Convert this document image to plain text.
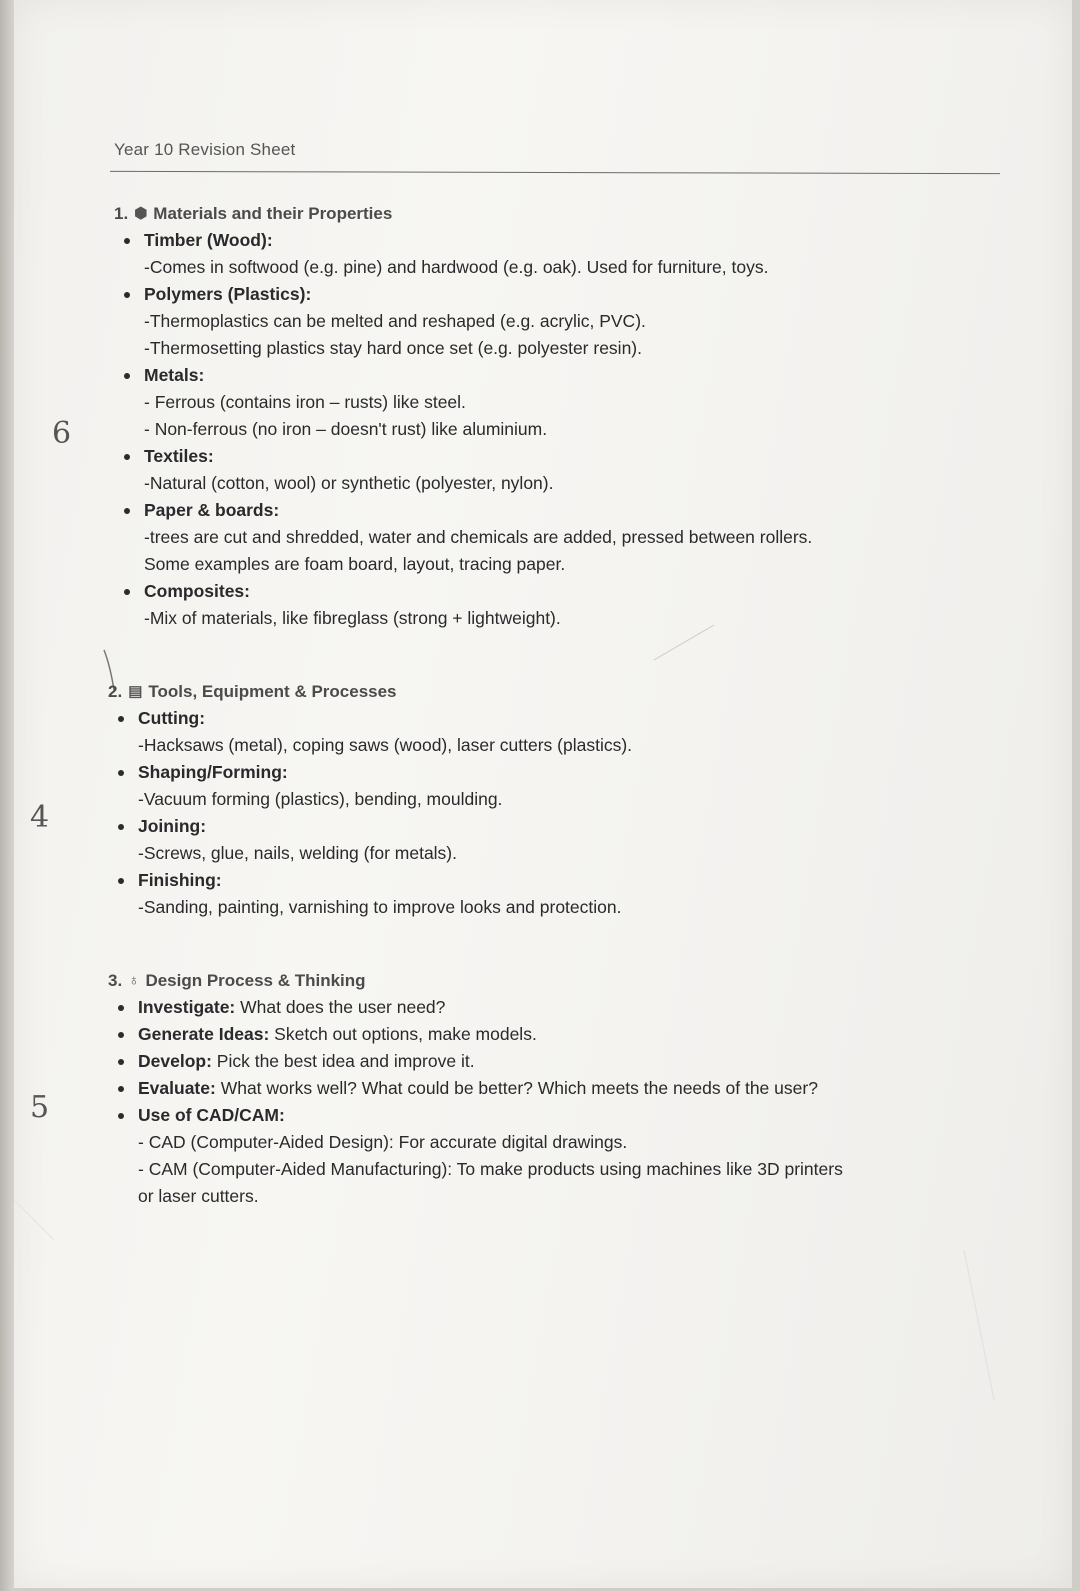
Year 10 Revision Sheet
6
4
5
1. ⬢ Materials and their Properties
Timber (Wood):
-Comes in softwood (e.g. pine) and hardwood (e.g. oak). Used for furniture, toys.
Polymers (Plastics):
-Thermoplastics can be melted and reshaped (e.g. acrylic, PVC).
-Thermosetting plastics stay hard once set (e.g. polyester resin).
Metals:
- Ferrous (contains iron – rusts) like steel.
- Non-ferrous (no iron – doesn't rust) like aluminium.
Textiles:
-Natural (cotton, wool) or synthetic (polyester, nylon).
Paper & boards:
-trees are cut and shredded, water and chemicals are added, pressed between rollers.
Some examples are foam board, layout, tracing paper.
Composites:
-Mix of materials, like fibreglass (strong + lightweight).
2. ▤ Tools, Equipment & Processes
Cutting:
-Hacksaws (metal), coping saws (wood), laser cutters (plastics).
Shaping/Forming:
-Vacuum forming (plastics), bending, moulding.
Joining:
-Screws, glue, nails, welding (for metals).
Finishing:
-Sanding, painting, varnishing to improve looks and protection.
3. ♁ Design Process & Thinking
Investigate: What does the user need?
Generate Ideas: Sketch out options, make models.
Develop: Pick the best idea and improve it.
Evaluate: What works well? What could be better? Which meets the needs of the user?
Use of CAD/CAM:
- CAD (Computer-Aided Design): For accurate digital drawings.
- CAM (Computer-Aided Manufacturing): To make products using machines like 3D printers
or laser cutters.
